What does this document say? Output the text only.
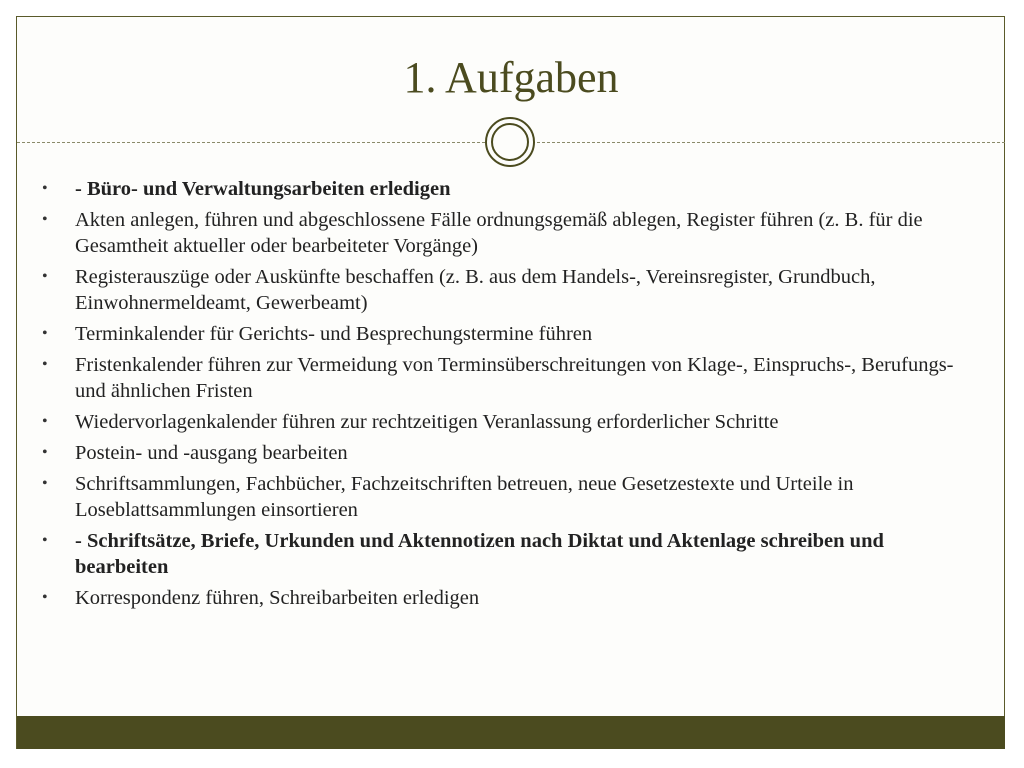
1. Aufgaben
•	- Büro- und Verwaltungsarbeiten erledigen
•	Akten anlegen, führen und abgeschlossene Fälle ordnungsgemäß ablegen, Register führen (z. B. für die Gesamtheit aktueller oder bearbeiteter Vorgänge)
•	Registerauszüge oder Auskünfte beschaffen (z. B. aus dem Handels-, Vereinsregister, Grundbuch, Einwohnermeldeamt, Gewerbeamt)
•	Terminkalender für Gerichts- und Besprechungstermine führen
•	Fristenkalender führen zur Vermeidung von Terminsüberschreitungen von Klage-, Einspruchs-, Berufungs- und ähnlichen Fristen
•	Wiedervorlagenkalender führen zur rechtzeitigen Veranlassung erforderlicher Schritte
•	Postein- und -ausgang bearbeiten
•	Schriftsammlungen, Fachbücher, Fachzeitschriften betreuen, neue Gesetzestexte und Urteile in Loseblattsammlungen einsortieren
•	- Schriftsätze, Briefe, Urkunden und Aktennotizen nach Diktat und Aktenlage schreiben und bearbeiten
•	Korrespondenz führen, Schreibarbeiten erledigen
